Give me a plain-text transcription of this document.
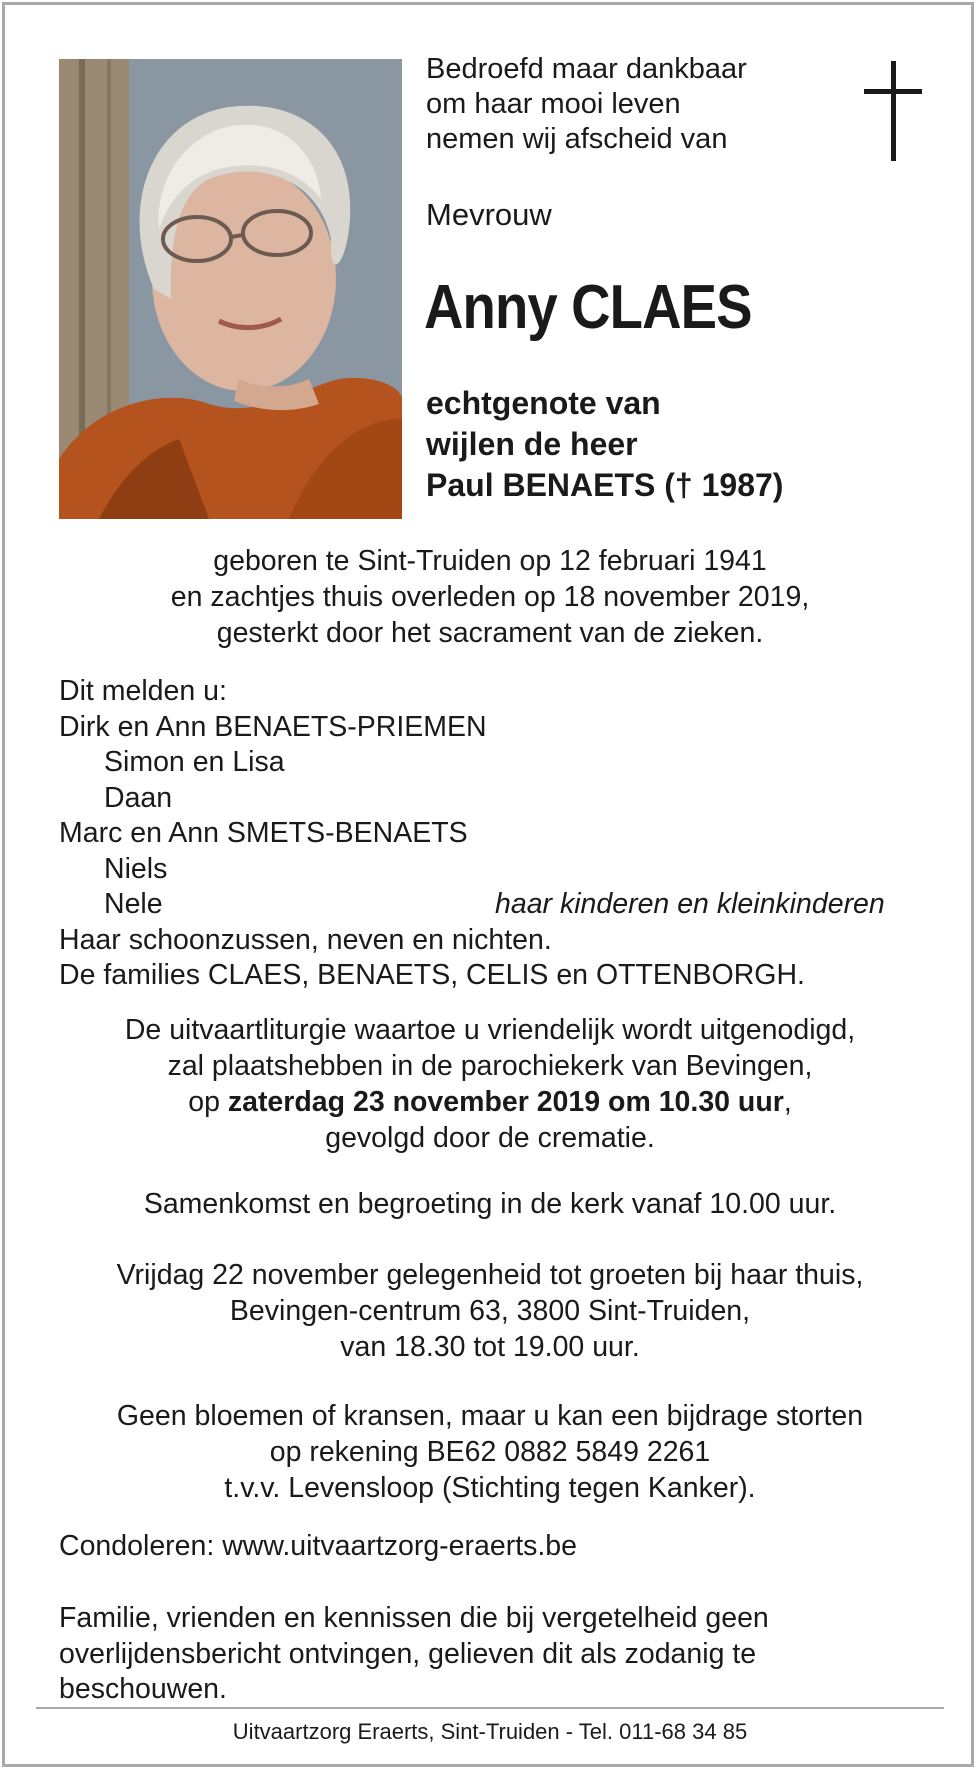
Bedroefd maar dankbaar
om haar mooi leven
nemen wij afscheid van
Mevrouw
Anny CLAES
echtgenote van
wijlen de heer
Paul BENAETS († 1987)
geboren te Sint-Truiden op 12 februari 1941
en zachtjes thuis overleden op 18 november 2019,
gesterkt door het sacrament van de zieken.
Dit melden u:
Dirk en Ann BENAETS-PRIEMEN
Simon en Lisa
Daan
Marc en Ann SMETS-BENAETS
Niels
Nele	haar kinderen en kleinkinderen
Haar schoonzussen, neven en nichten.
De families CLAES, BENAETS, CELIS en OTTENBORGH.
De uitvaartliturgie waartoe u vriendelijk wordt uitgenodigd,
zal plaatshebben in de parochiekerk van Bevingen,
op zaterdag 23 november 2019 om 10.30 uur,
gevolgd door de crematie.
Samenkomst en begroeting in de kerk vanaf 10.00 uur.
Vrijdag 22 november gelegenheid tot groeten bij haar thuis,
Bevingen-centrum 63, 3800 Sint-Truiden,
van 18.30 tot 19.00 uur.
Geen bloemen of kransen, maar u kan een bijdrage storten
op rekening BE62 0882 5849 2261
t.v.v. Levensloop (Stichting tegen Kanker).
Condoleren: www.uitvaartzorg-eraerts.be
Familie, vrienden en kennissen die bij vergetelheid geen
overlijdensbericht ontvingen, gelieven dit als zodanig te
beschouwen.
Uitvaartzorg Eraerts, Sint-Truiden - Tel. 011-68 34 85
